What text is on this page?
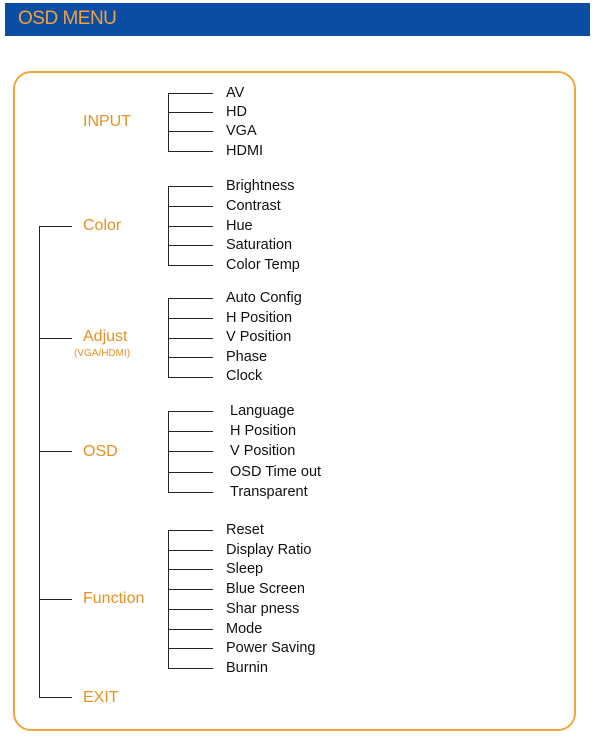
OSD MENU
INPUT
Color
Adjust
(VGA/HDMI)
OSD
Function
EXIT
AV
HD
VGA
HDMI
Brightness
Contrast
Hue
Saturation
Color Temp
Auto Config
H Position
V Position
Phase
Clock
Language
H Position
V Position
OSD Time out
Transparent
Reset
Display Ratio
Sleep
Blue Screen
Shar pness
Mode
Power Saving
Burnin
